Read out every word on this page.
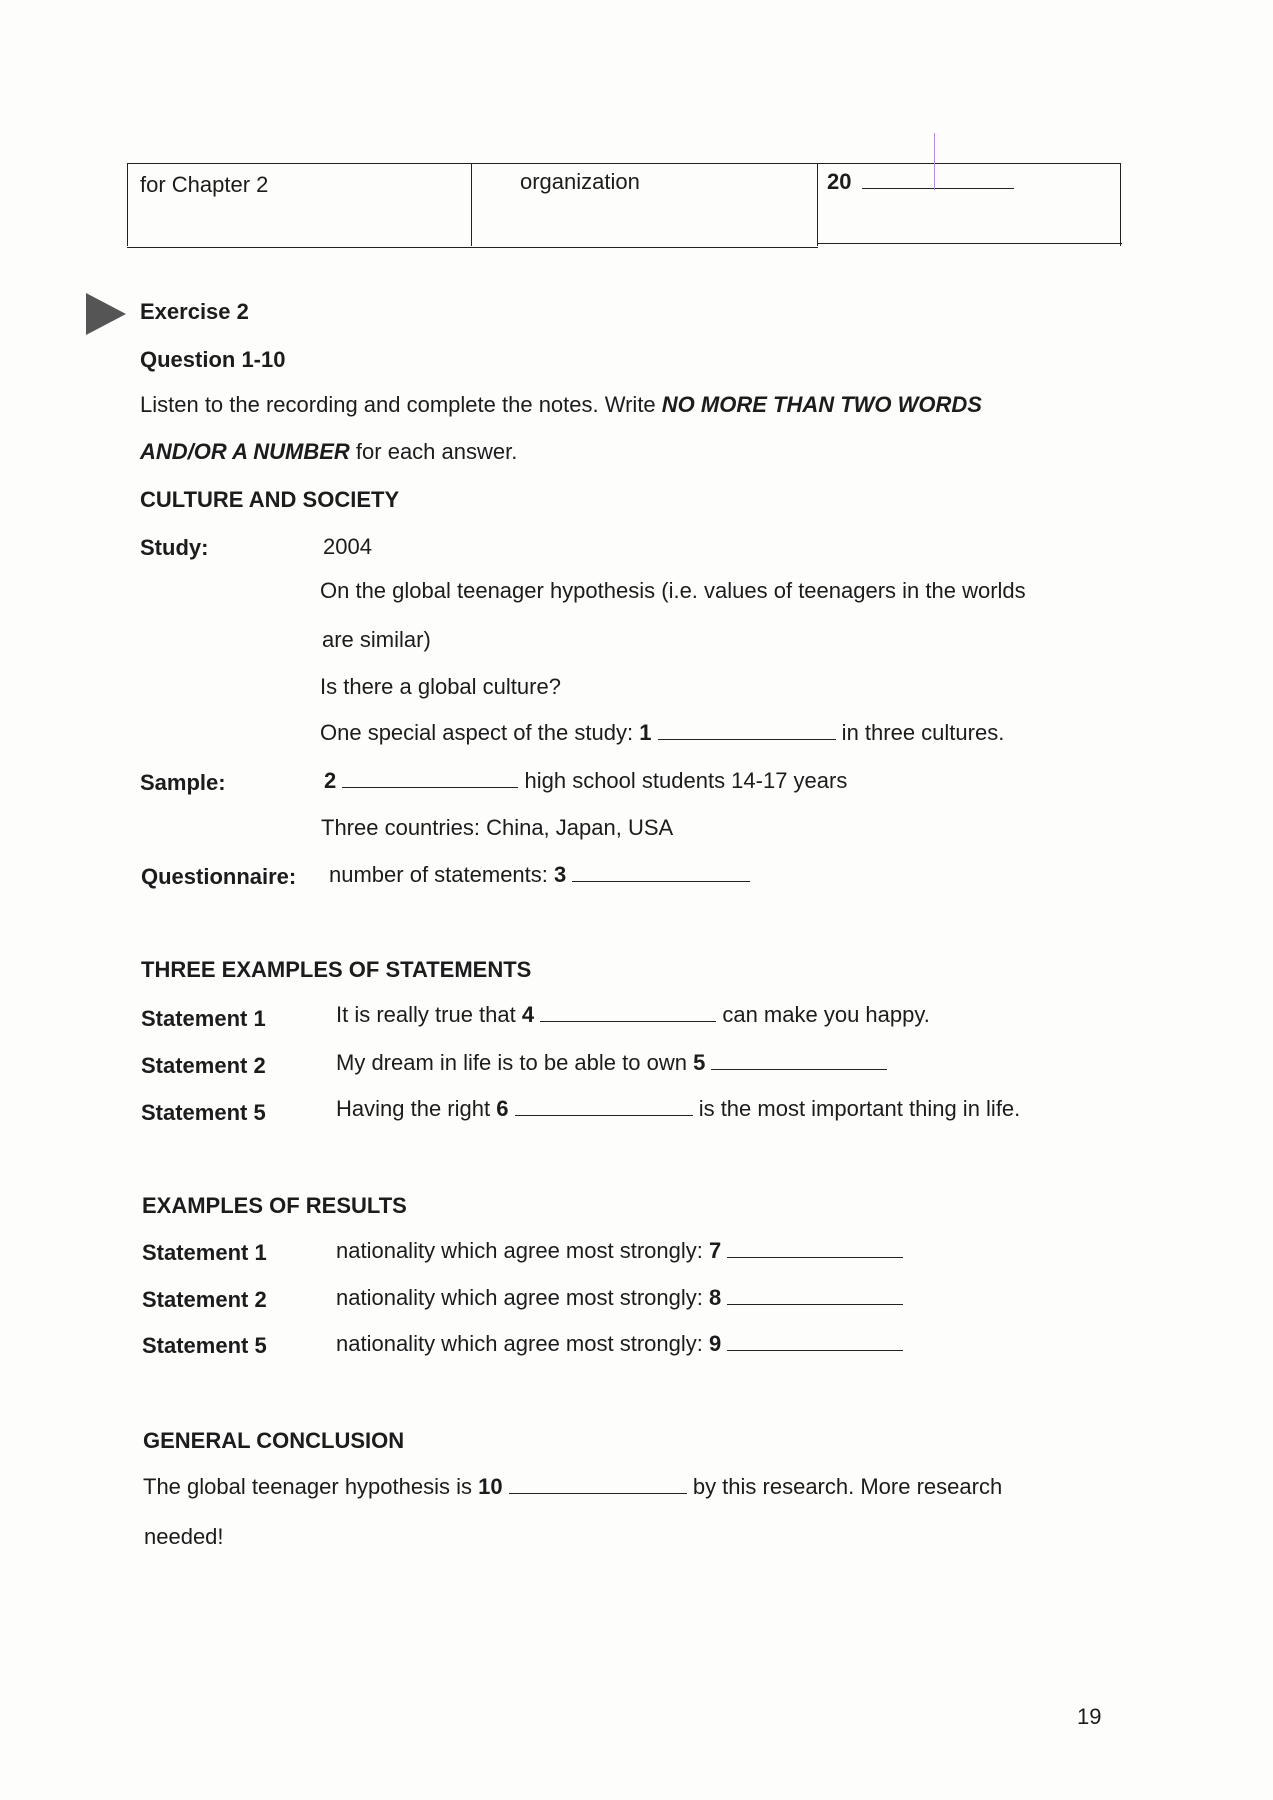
for Chapter 2	organization	20
Exercise 2
Question 1-10
Listen to the recording and complete the notes. Write NO MORE THAN TWO WORDS
AND/OR A NUMBER for each answer.
CULTURE AND SOCIETY
Study:	2004
On the global teenager hypothesis (i.e. values of teenagers in the worlds
are similar)
Is there a global culture?
One special aspect of the study: 1	in three cultures.
Sample:	2	high school students 14-17 years
Three countries: China, Japan, USA
Questionnaire: number of statements: 3
THREE EXAMPLES OF STATEMENTS
Statement 1	It is really true that 4	can make you happy.
Statement 2	My dream in life is to be able to own 5
Statement 5	Having the right 6	is the most important thing in life.
EXAMPLES OF RESULTS
Statement 1	nationality which agree most strongly: 7
Statement 2	nationality which agree most strongly: 8
Statement 5	nationality which agree most strongly: 9
GENERAL CONCLUSION
The global teenager hypothesis is 10	by this research. More research
needed!
19
